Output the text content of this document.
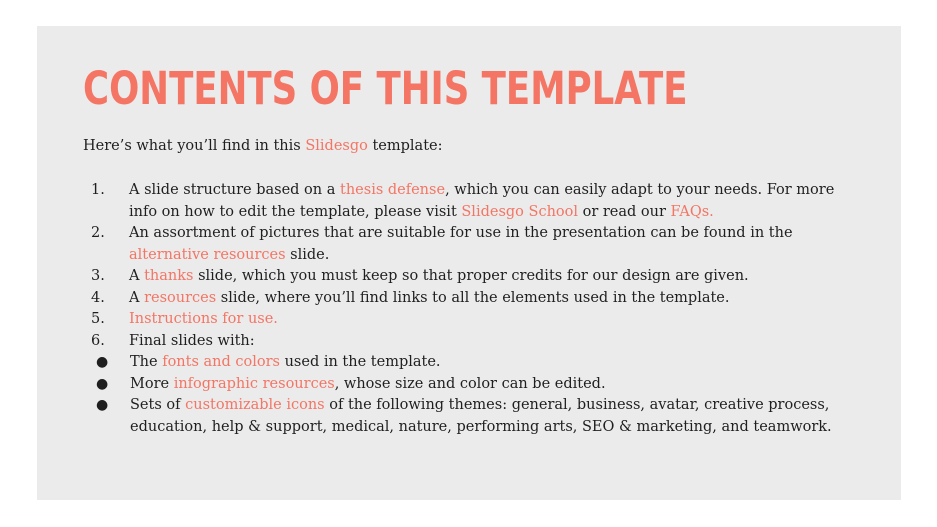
CONTENTS OF THIS TEMPLATE

Here’s what you’ll find in this Slidesgo template:

1.	A slide structure based on a thesis defense, which you can easily adapt to your needs. For more info on how to edit the template, please visit Slidesgo School or read our FAQs.
2.	An assortment of pictures that are suitable for use in the presentation can be found in the alternative resources slide.
3.	A thanks slide, which you must keep so that proper credits for our design are given.
4.	A resources slide, where you’ll find links to all the elements used in the template.
5.	Instructions for use.
6.	Final slides with:
● The fonts and colors used in the template.
● More infographic resources, whose size and color can be edited.
● Sets of customizable icons of the following themes: general, business, avatar, creative process, education, help & support, medical, nature, performing arts, SEO & marketing, and teamwork.
